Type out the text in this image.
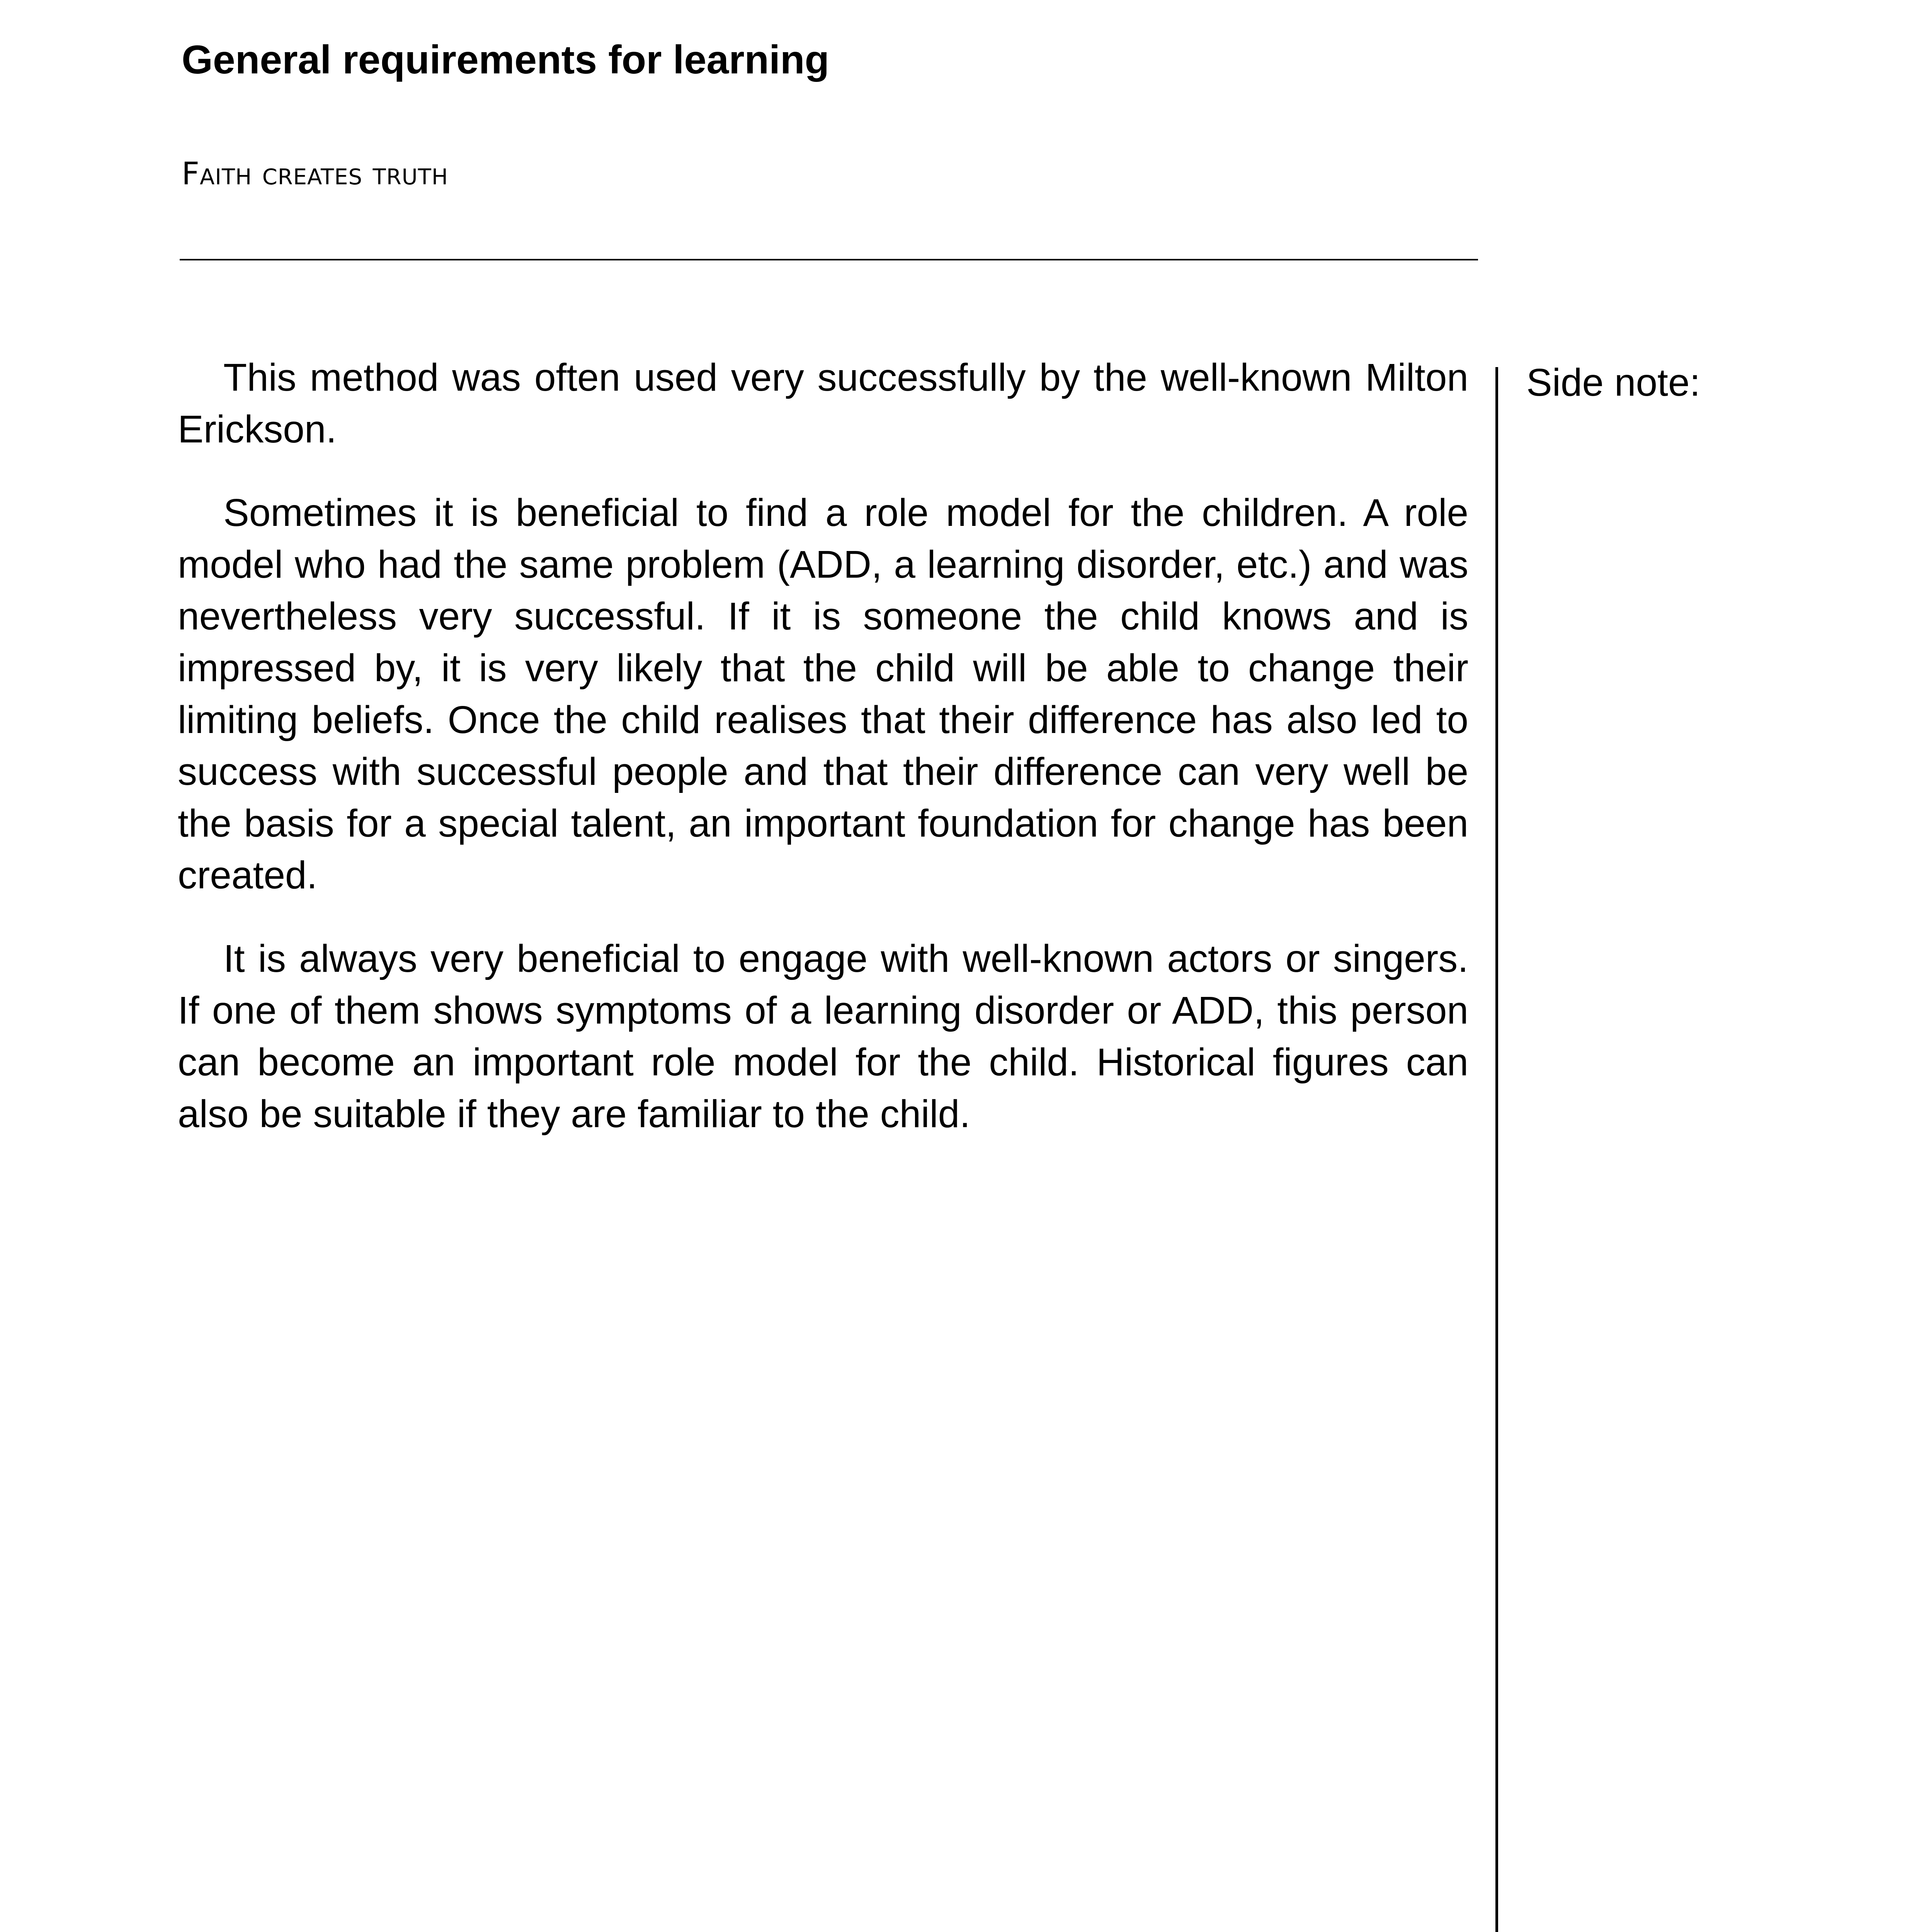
General requirements for learning
Faith creates truth

This method was often used very successfully by the well-known Milton Erickson.

Sometimes it is beneficial to find a role model for the children. A role model who had the same problem (ADD, a learning disorder, etc.) and was nevertheless very successful. If it is someone the child knows and is impressed by, it is very likely that the child will be able to change their limiting beliefs. Once the child realises that their difference has also led to success with successful people and that their difference can very well be the basis for a special talent, an important foundation for change has been created.

It is always very beneficial to engage with well-known actors or singers. If one of them shows symptoms of a learning disorder or ADD, this person can become an important role model for the child. Historical figures can also be suitable if they are familiar to the child.

Side note:
